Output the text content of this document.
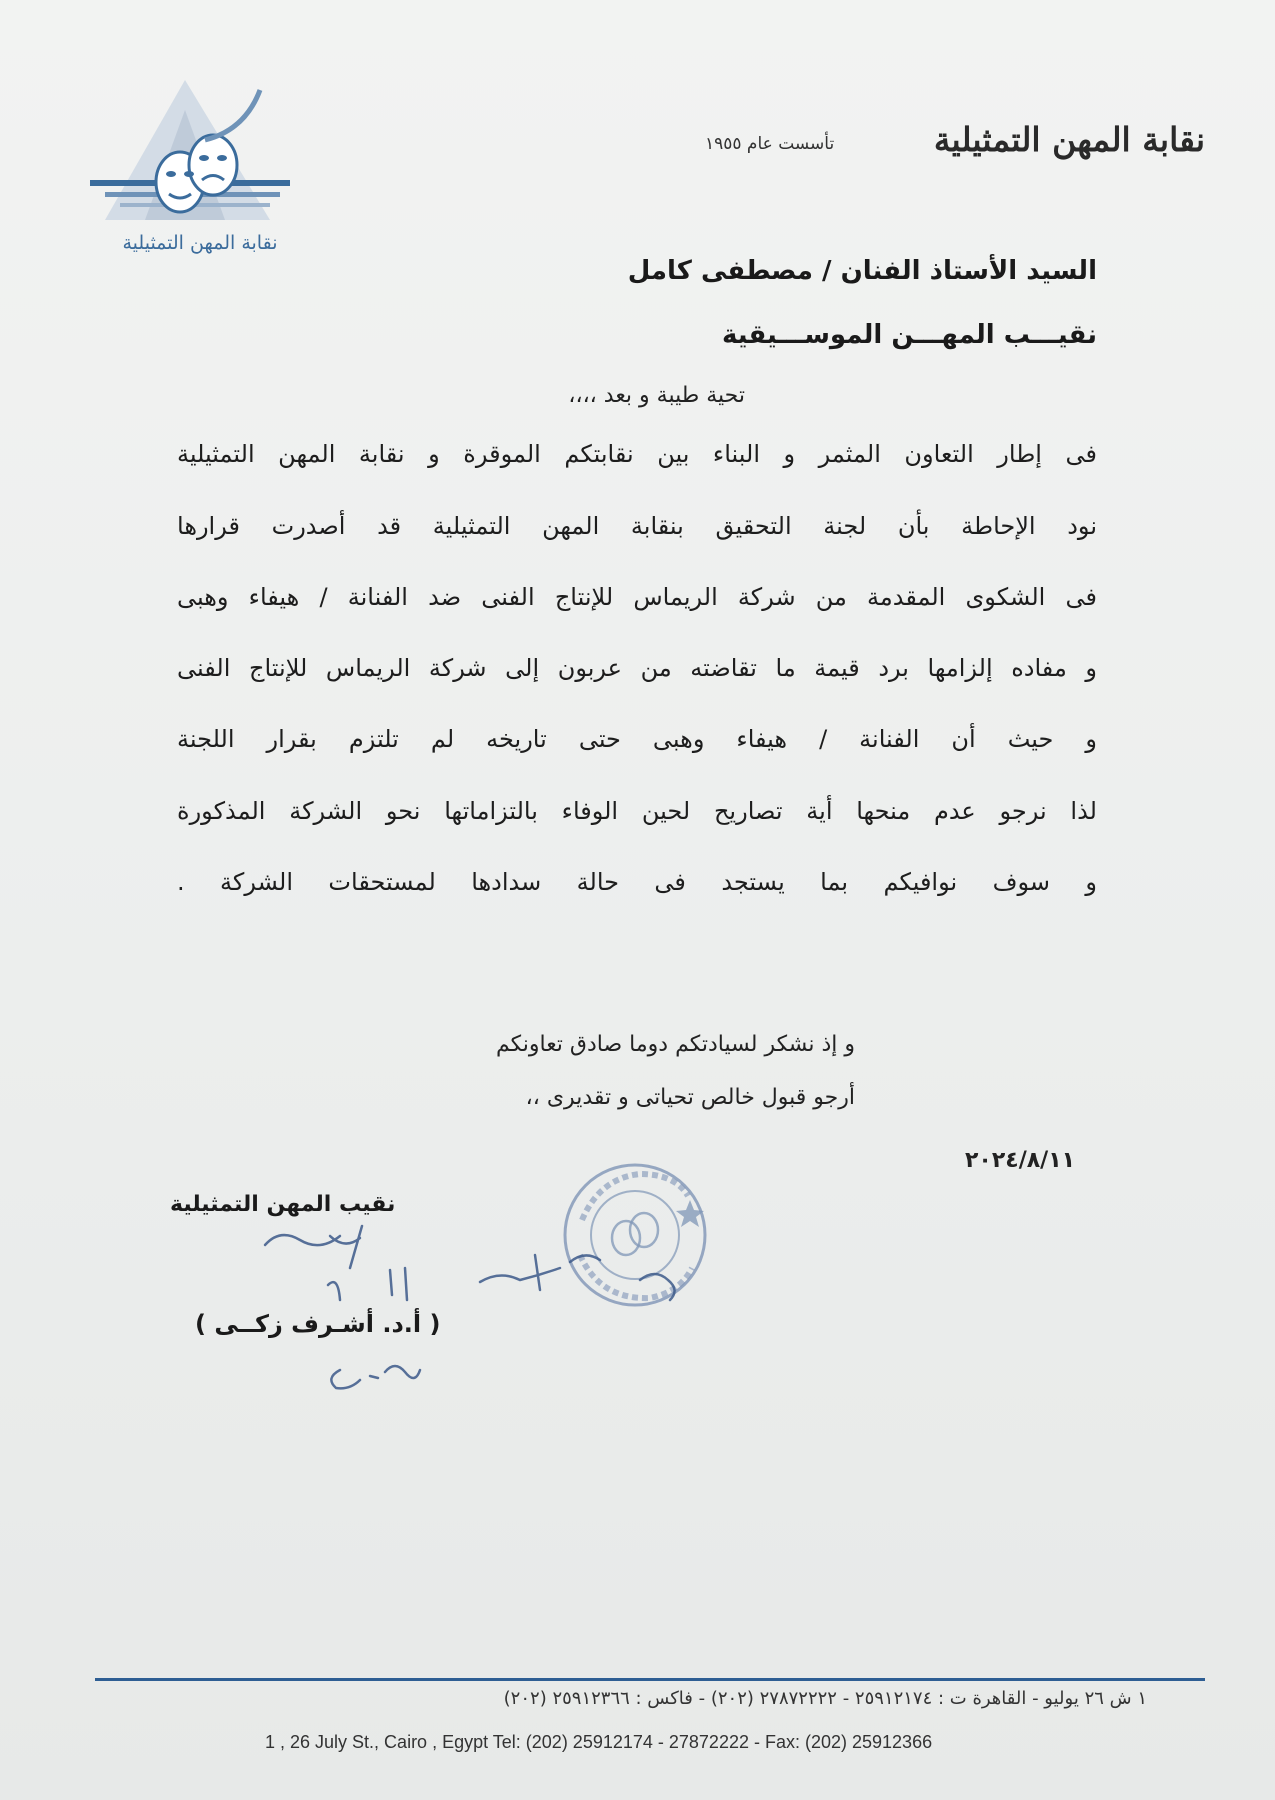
نقابة المهن التمثيلية
نقابة المهن التمثيلية
تأسست عام ١٩٥٥
السيد الأستاذ الفنان / مصطفى كامل
نقيـــب المهـــن الموســـيقية
تحية طيبة و بعد ،،،،
فى إطار التعاون المثمر و البناء بين نقابتكم الموقرة و نقابة المهن التمثيلية
نود الإحاطة بأن لجنة التحقيق بنقابة المهن التمثيلية قد أصدرت قرارها
فى الشكوى المقدمة من شركة الريماس للإنتاج الفنى ضد الفنانة / هيفاء وهبى
و مفاده إلزامها برد قيمة ما تقاضته من عربون إلى شركة الريماس للإنتاج الفنى
و حيث أن الفنانة / هيفاء وهبى حتى تاريخه لم تلتزم بقرار اللجنة
لذا نرجو عدم منحها أية تصاريح لحين الوفاء بالتزاماتها نحو الشركة المذكورة
و سوف نوافيكم بما يستجد فى حالة سدادها لمستحقات الشركة .
و إذ نشكر لسيادتكم دوما صادق تعاونكم
أرجو قبول خالص تحياتى و تقديرى ،،
٢٠٢٤/٨/١١
نقيب المهن التمثيلية
( أ.د. أشـرف زكــى )
١ ش ٢٦ يوليو - القاهرة ت : ٢٥٩١٢١٧٤ - ٢٧٨٧٢٢٢٢ (٢٠٢) - فاكس : ٢٥٩١٢٣٦٦ (٢٠٢)
1 , 26 July St., Cairo , Egypt Tel: (202) 25912174 - 27872222 - Fax: (202) 25912366
